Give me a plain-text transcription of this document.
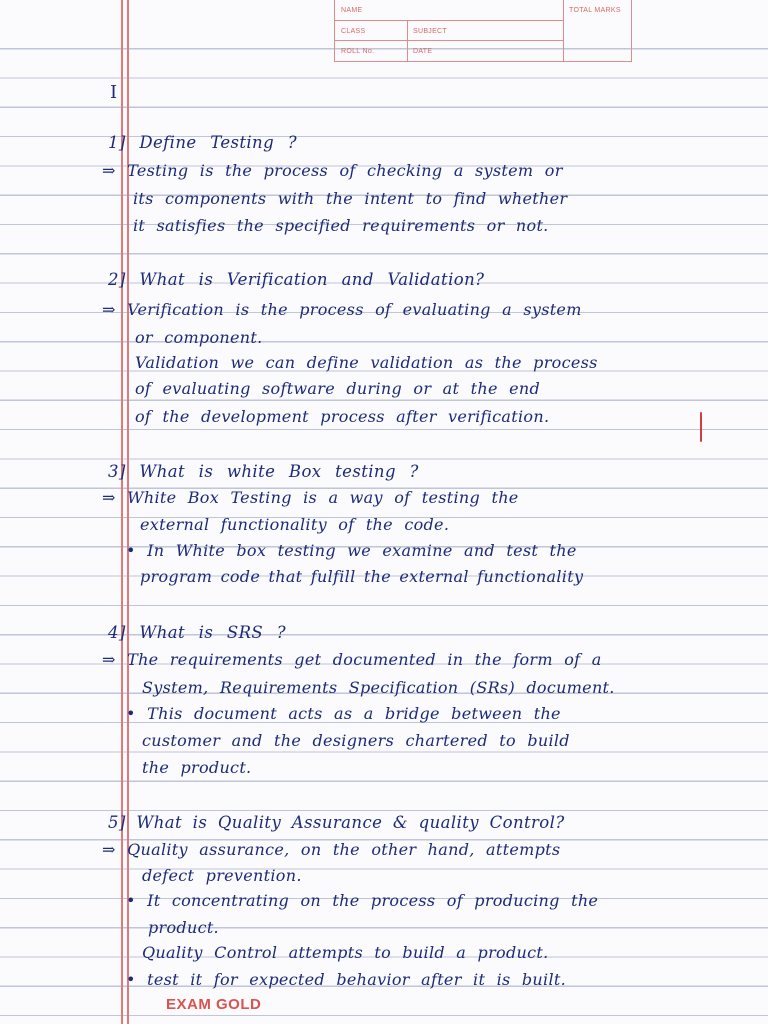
NAME	TOTAL MARKS
CLASS	SUBJECT
ROLL No.	DATE
I
1] Define Testing ?
⇒ Testing is the process of checking a system or
its components with the intent to find whether
it satisfies the specified requirements or not.
2] What is Verification and Validation?
⇒ Verification is the process of evaluating a system
or component.
Validation we can define validation as the process
of evaluating software during or at the end
of the development process after verification.
3] What is white Box testing ?
⇒ White Box Testing is a way of testing the
external functionality of the code.
• In White box testing we examine and test the
program code that fulfill the external functionality
4] What is SRS ?
⇒ The requirements get documented in the form of a
System, Requirements Specification (SRs) document.
• This document acts as a bridge between the
customer and the designers chartered to build
the product.
5] What is Quality Assurance & quality Control?
⇒ Quality assurance, on the other hand, attempts
defect prevention.
• It concentrating on the process of producing the
product.
Quality Control attempts to build a product.
• test it for expected behavior after it is built.
EXAM GOLD
